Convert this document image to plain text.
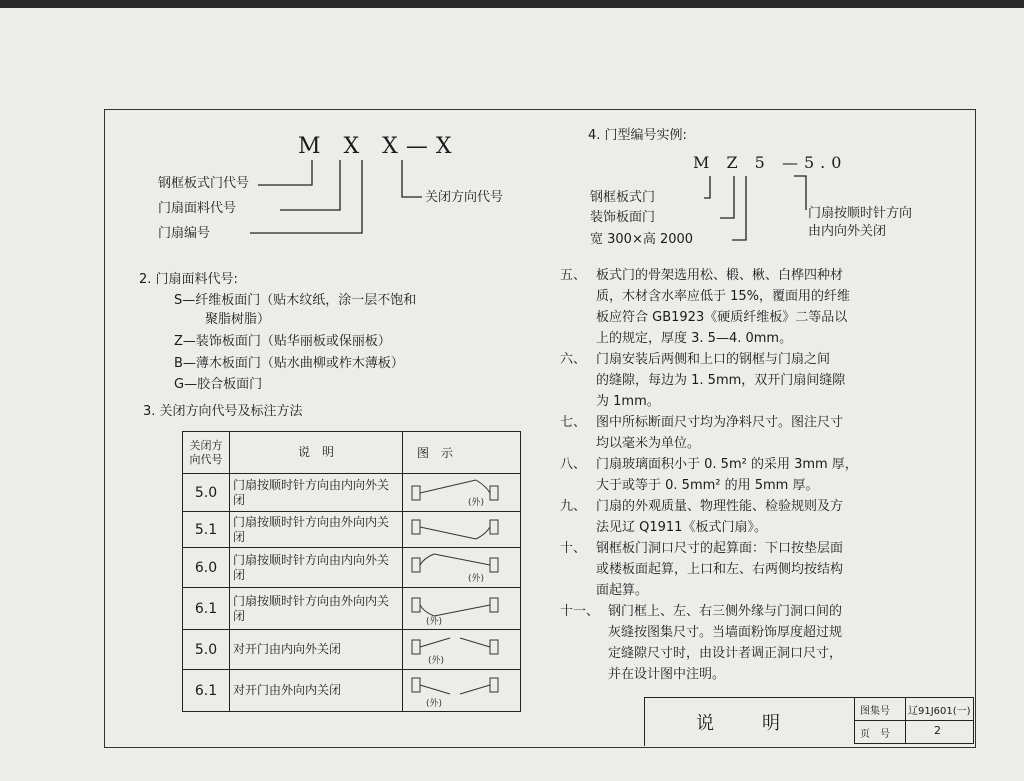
M X X—X
钢框板式门代号
门扇面料代号
门扇编号
关闭方向代号
4. 门型编号实例:
M Z 5 —5.0
钢框板式门
装饰板面门
宽 300×高 2000
门扇按顺时针方向
由内向外关闭
2. 门扇面料代号:
S—纤维板面门（贴木纹纸，涂一层不饱和
聚脂树脂）
Z—装饰板面门（贴华丽板或保丽板）
B—薄木板面门（贴水曲柳或柞木薄板）
G—胶合板面门
3. 关闭方向代号及标注方法
关闭方向代号	说　明	图　示
5.0	门扇按顺时针方向由内向外关闭	(外)

5.1	门扇按顺时针方向由外向内关闭	
6.0	门扇按顺时针方向由内向外关闭	(外)

6.1	门扇按顺时针方向由外向内关闭	(外)

5.0	对开门由内向外关闭	(外)

6.1	对开门由外向内关闭	(外)
五、 板式门的骨架选用松、椴、楸、白桦四种材
质，木材含水率应低于 15%，覆面用的纤维
板应符合 GB1923《硬质纤维板》二等品以
上的规定，厚度 3. 5—4. 0mm。
六、 门扇安装后两侧和上口的钢框与门扇之间
的缝隙，每边为 1. 5mm，双开门扇间缝隙
为 1mm。
七、 图中所标断面尺寸均为净料尺寸。图注尺寸
均以毫米为单位。
八、 门扇玻璃面积小于 0. 5m² 的采用 3mm 厚，
大于或等于 0. 5mm² 的用 5mm 厚。
九、 门扇的外观质量、物理性能、检验规则及方
法见辽 Q1911《板式门扇》。
十、 钢框板门洞口尺寸的起算面：下口按垫层面
或楼板面起算，上口和左、右两侧均按结构
面起算。
十一、 钢门框上、左、右三侧外缘与门洞口间的
灰缝按图集尺寸。当墙面粉饰厚度超过规
定缝隙尺寸时，由设计者调正洞口尺寸，
并在设计图中注明。
说　　明
图集号 辽91J601(一)
页　号	2
